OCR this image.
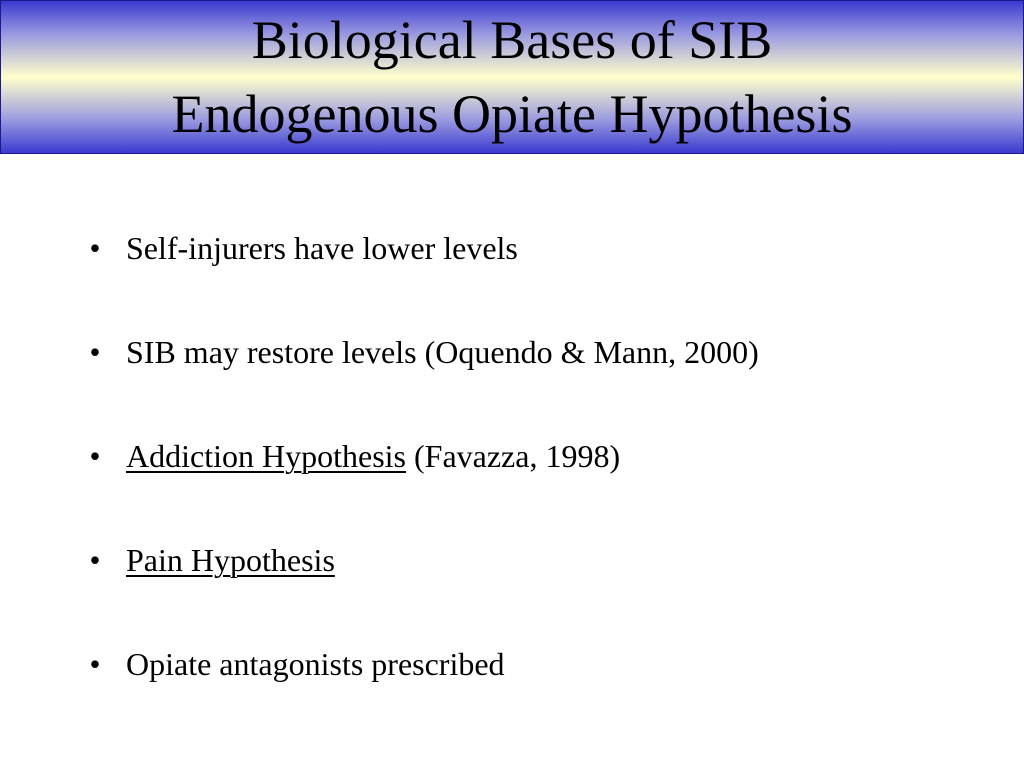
Biological Bases of SIB
Endogenous Opiate Hypothesis
• Self-injurers have lower levels
• SIB may restore levels (Oquendo & Mann, 2000)
• Addiction Hypothesis (Favazza, 1998)
• Pain Hypothesis
• Opiate antagonists prescribed
